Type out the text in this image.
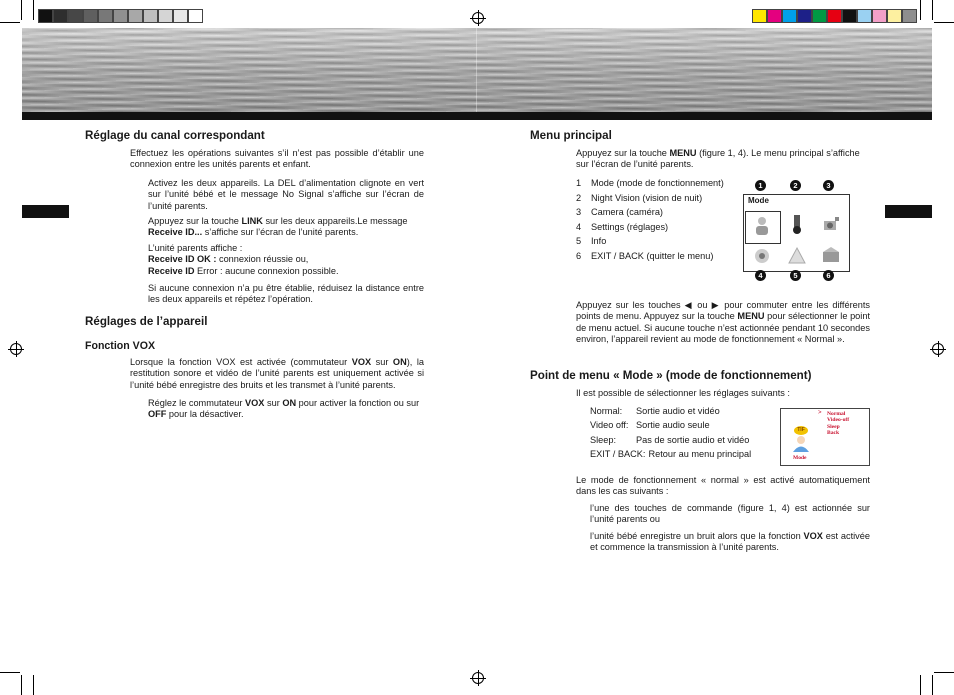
Réglage du canal correspondant

Effectuez les opérations suivantes s’il n’est pas possible d’établir une connexion entre les unités parents et enfant.

Activez les deux appareils. La DEL d’alimentation clignote en vert sur l’unité bébé et le message No Signal s’affiche sur l’écran de l’unité parents.

Appuyez sur la touche LINK sur les deux appareils.Le message Receive ID... s’affiche sur l’écran de l’unité parents.

L’unité parents affiche :
Receive ID OK : connexion réussie ou,
Receive ID Error : aucune connexion possible.

Si aucune connexion n’a pu être établie, réduisez la distance entre les deux appareils et répétez l’opération.

Réglages de l’appareil
Fonction VOX

Lorsque la fonction VOX est activée (commutateur VOX sur ON), la restitution sonore et vidéo de l’unité parents est uniquement activée si l’unité bébé enregistre des bruits et les transmet à l’unité parents.

Réglez le commutateur VOX sur ON pour activer la fonction ou sur OFF pour la désactiver.

Menu principal

Appuyez sur la touche MENU (figure 1, 4). Le menu principal s’affiche sur l’écran de l’unité parents.

1	Mode (mode de fonctionnement)
2	Night Vision (vision de nuit)
3	Camera (caméra)
4	Settings (réglages)
5	Info
6	EXIT / BACK (quitter le menu)
Mode
1	2	3
4	5	6

Appuyez sur les touches ◀ ou ▶ pour commuter entre les différents points de menu. Appuyez sur la touche MENU pour sélectionner le point de menu actuel. Si aucune touche n’est actionnée pendant 10 secondes environ, l’appareil revient au mode de fonctionnement « Normal ».

Point de menu « Mode » (mode de fonctionnement)

Il est possible de sélectionner les réglages suivants :

Normal:	Sortie audio et vidéo
Video off: Sortie audio seule
Sleep:	Pas de sortie audio et vidéo
EXIT / BACK: Retour au menu principal
> Normal
Video-off
Sleep
Back
TIF
Mode

Le mode de fonctionnement « normal » est activé automatiquement dans les cas suivants :

l’une des touches de commande (figure 1, 4) est actionnée sur l’unité parents ou

l’unité bébé enregistre un bruit alors que la fonction VOX est activée et commence la transmission à l’unité parents.
